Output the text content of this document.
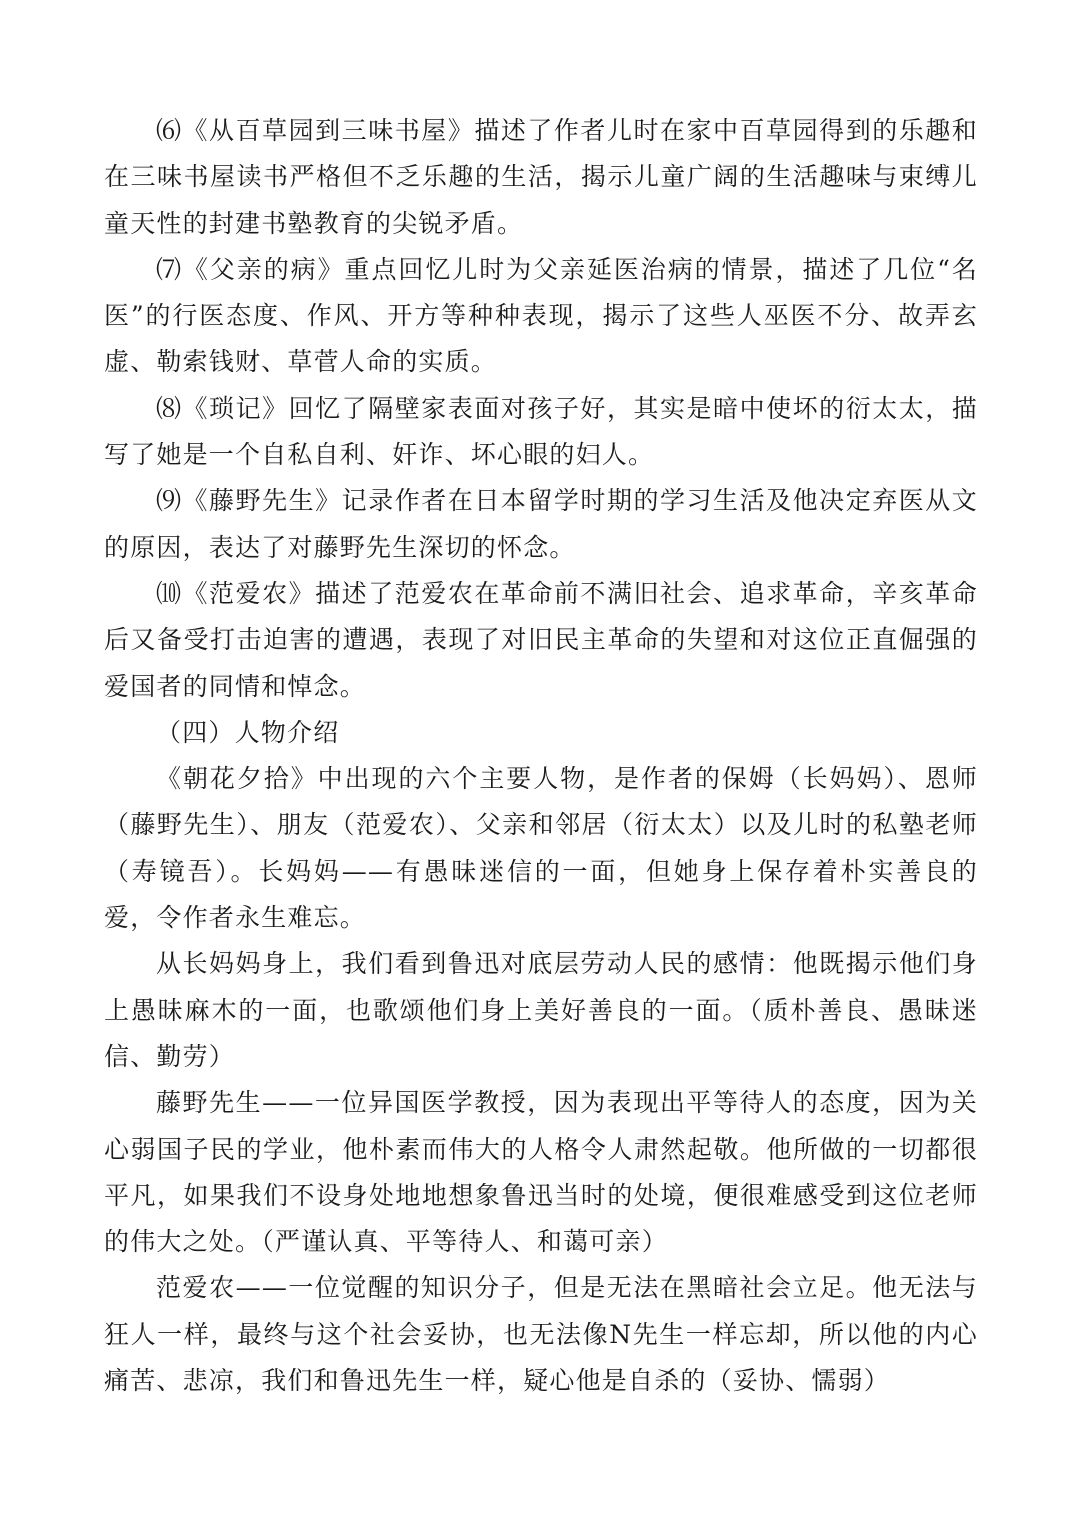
⑹《从百草园到三味书屋》描述了作者儿时在家中百草园得到的乐趣和在三味书屋读书严格但不乏乐趣的生活，揭示儿童广阔的生活趣味与束缚儿童天性的封建书塾教育的尖锐矛盾。

⑺《父亲的病》重点回忆儿时为父亲延医治病的情景，描述了几位“名医”的行医态度、作风、开方等种种表现，揭示了这些人巫医不分、故弄玄虚、勒索钱财、草菅人命的实质。

⑻《琐记》回忆了隔壁家表面对孩子好，其实是暗中使坏的衍太太，描写了她是一个自私自利、奸诈、坏心眼的妇人。

⑼《藤野先生》记录作者在日本留学时期的学习生活及他决定弃医从文的原因，表达了对藤野先生深切的怀念。

⑽《范爱农》描述了范爱农在革命前不满旧社会、追求革命，辛亥革命后又备受打击迫害的遭遇，表现了对旧民主革命的失望和对这位正直倔强的爱国者的同情和悼念。

（四）人物介绍

《朝花夕拾》中出现的六个主要人物，是作者的保姆（长妈妈）、恩师（藤野先生）、朋友（范爱农）、父亲和邻居（衍太太）以及儿时的私塾老师（寿镜吾）。长妈妈——有愚昧迷信的一面，但她身上保存着朴实善良的爱，令作者永生难忘。

从长妈妈身上，我们看到鲁迅对底层劳动人民的感情：他既揭示他们身上愚昧麻木的一面，也歌颂他们身上美好善良的一面。（质朴善良、愚昧迷信、勤劳）

藤野先生——一位异国医学教授，因为表现出平等待人的态度，因为关心弱国子民的学业，他朴素而伟大的人格令人肃然起敬。他所做的一切都很平凡，如果我们不设身处地地想象鲁迅当时的处境，便很难感受到这位老师的伟大之处。（严谨认真、平等待人、和蔼可亲）

范爱农——一位觉醒的知识分子，但是无法在黑暗社会立足。他无法与狂人一样，最终与这个社会妥协，也无法像N先生一样忘却，所以他的内心痛苦、悲凉，我们和鲁迅先生一样，疑心他是自杀的（妥协、懦弱）
